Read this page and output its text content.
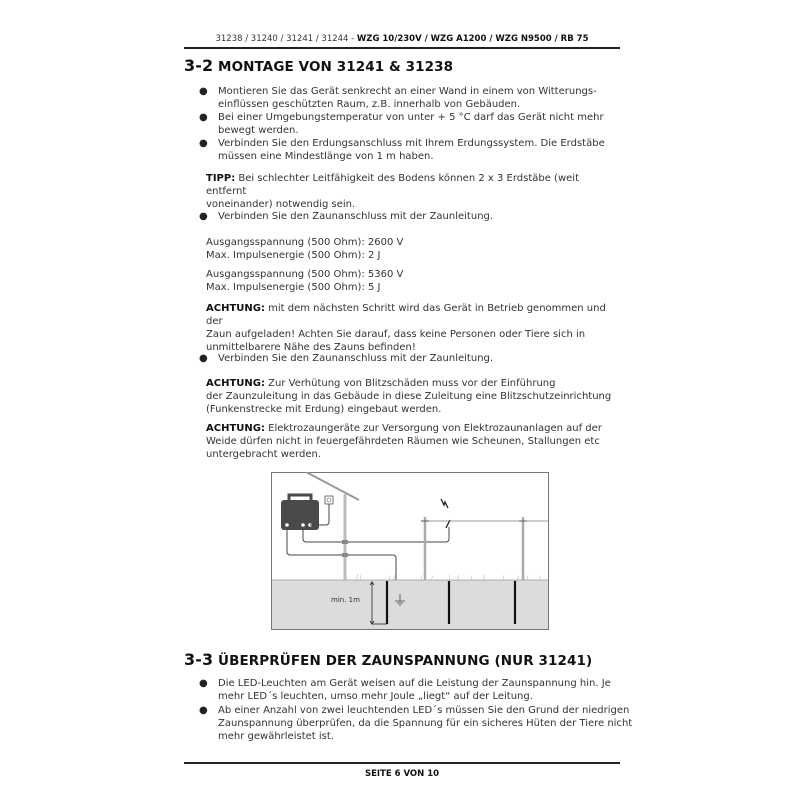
31238 / 31240 / 31241 / 31244 - WZG 10/230V / WZG A1200 / WZG N9500 / RB 75
3-2 MONTAGE VON 31241 & 31238
● Montieren Sie das Gerät senkrecht an einer Wand in einem von Witterungs-
einflüssen geschützten Raum, z.B. innerhalb von Gebäuden.
● Bei einer Umgebungstemperatur von unter + 5 °C darf das Gerät nicht mehr
bewegt werden.
● Verbinden Sie den Erdungsanschluss mit Ihrem Erdungssystem. Die Erdstäbe
müssen eine Mindestlänge von 1 m haben.
TIPP: Bei schlechter Leitfähigkeit des Bodens können 2 x 3 Erdstäbe (weit entfernt
voneinander) notwendig sein.
● Verbinden Sie den Zaunanschluss mit der Zaunleitung.
Ausgangsspannung (500 Ohm): 2600 V
Max. Impulsenergie (500 Ohm): 2 J
Ausgangsspannung (500 Ohm): 5360 V
Max. Impulsenergie (500 Ohm): 5 J
ACHTUNG: mit dem nächsten Schritt wird das Gerät in Betrieb genommen und der
Zaun aufgeladen! Achten Sie darauf, dass keine Personen oder Tiere sich in
unmittelbarere Nähe des Zauns befinden!
● Verbinden Sie den Zaunanschluss mit der Zaunleitung.
ACHTUNG: Zur Verhütung von Blitzschäden muss vor der Einführung
der Zaunzuleitung in das Gebäude in diese Zuleitung eine Blitzschutzeinrichtung
(Funkenstrecke mit Erdung) eingebaut werden.
ACHTUNG: Elektrozaungeräte zur Versorgung von Elektrozaunanlagen auf der
Weide dürfen nicht in feuergefährdeten Räumen wie Scheunen, Stallungen etc
untergebracht werden.
min. 1m
3-3 ÜBERPRÜFEN DER ZAUNSPANNUNG (NUR 31241)
● Die LED-Leuchten am Gerät weisen auf die Leistung der Zaunspannung hin. Je
mehr LED´s leuchten, umso mehr Joule „liegt“ auf der Leitung.
● Ab einer Anzahl von zwei leuchtenden LED´s müssen Sie den Grund der niedrigen
Zaunspannung überprüfen, da die Spannung für ein sicheres Hüten der Tiere nicht
mehr gewährleistet ist.
SEITE 6 VON 10
